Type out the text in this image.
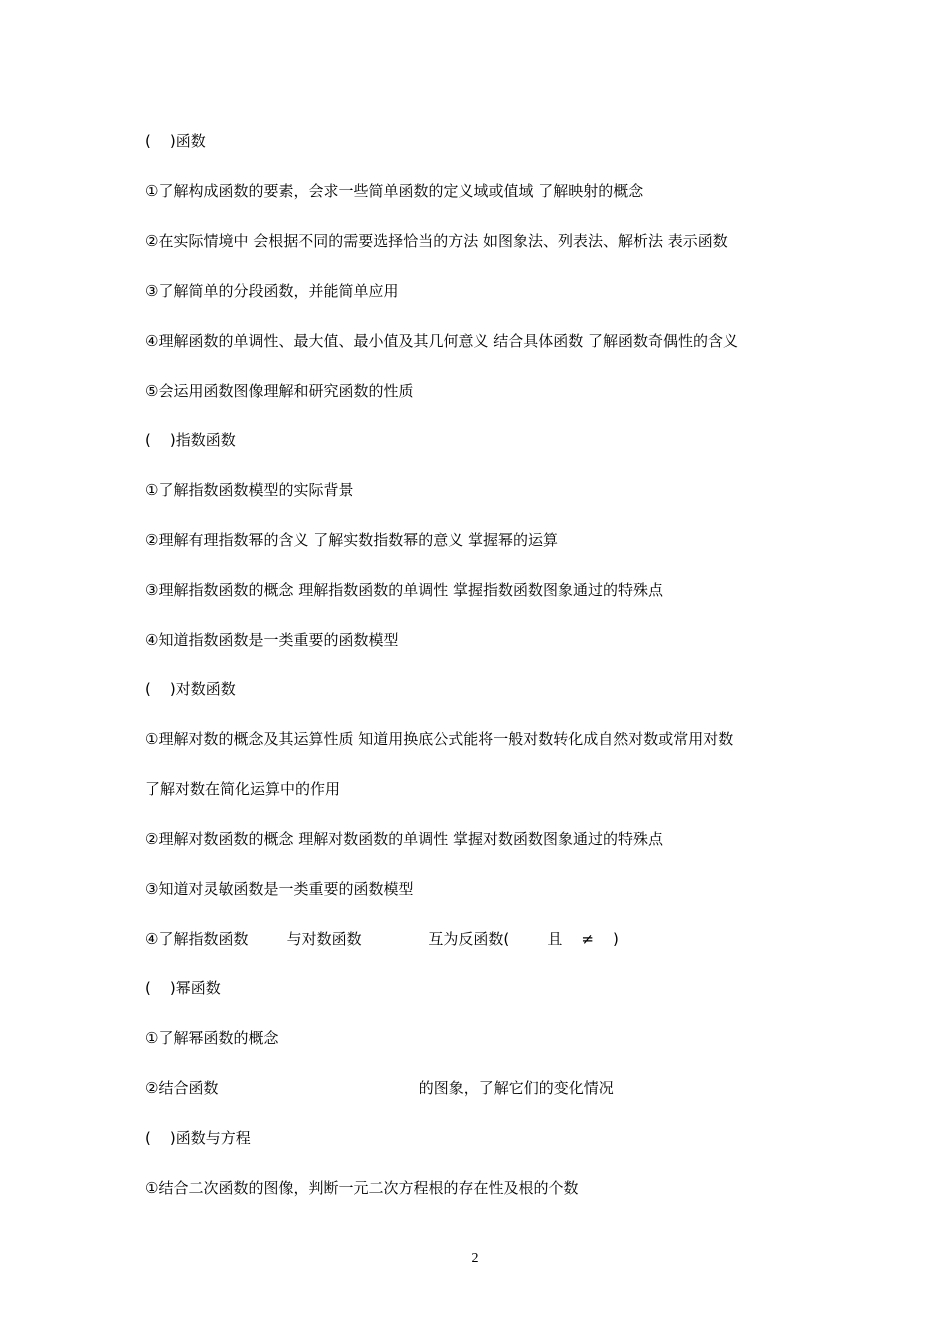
(    )函数
①了解构成函数的要素，会求一些简单函数的定义域或值域 了解映射的概念
②在实际情境中 会根据不同的需要选择恰当的方法 如图象法、列表法、解析法 表示函数
③了解简单的分段函数，并能简单应用
④理解函数的单调性、最大值、最小值及其几何意义 结合具体函数 了解函数奇偶性的含义
⑤会运用函数图像理解和研究函数的性质
(    )指数函数
①了解指数函数模型的实际背景
②理解有理指数幂的含义 了解实数指数幂的意义 掌握幂的运算
③理解指数函数的概念 理解指数函数的单调性 掌握指数函数图象通过的特殊点
④知道指数函数是一类重要的函数模型
(    )对数函数
①理解对数的概念及其运算性质 知道用换底公式能将一般对数转化成自然对数或常用对数
了解对数在简化运算中的作用
②理解对数函数的概念 理解对数函数的单调性 掌握对数函数图象通过的特殊点
③知道对灵敏函数是一类重要的函数模型
④了解指数函数        与对数函数              互为反函数(        且    ≠    )
(    )幂函数
①了解幂函数的概念
②结合函数                                          的图象，了解它们的变化情况
(    )函数与方程
①结合二次函数的图像，判断一元二次方程根的存在性及根的个数
2
